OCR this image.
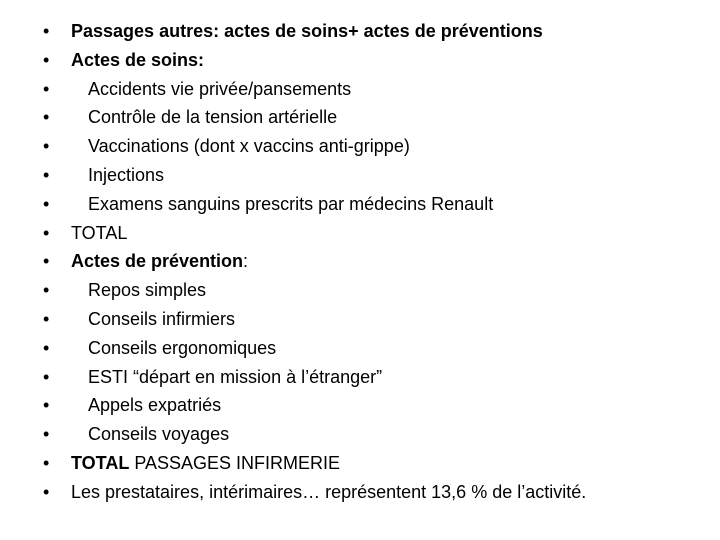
• Passages autres: actes de soins+ actes de préventions
• Actes de soins:
• Accidents vie privée/pansements
• Contrôle de la tension artérielle
• Vaccinations (dont x vaccins anti-grippe)
• Injections
• Examens sanguins prescrits par médecins Renault
• TOTAL
• Actes de prévention:
• Repos simples
• Conseils infirmiers
• Conseils ergonomiques
• ESTI “départ en mission à l’étranger”
• Appels expatriés
• Conseils voyages
• TOTAL PASSAGES INFIRMERIE
• Les prestataires, intérimaires… représentent 13,6 % de l’activité.
